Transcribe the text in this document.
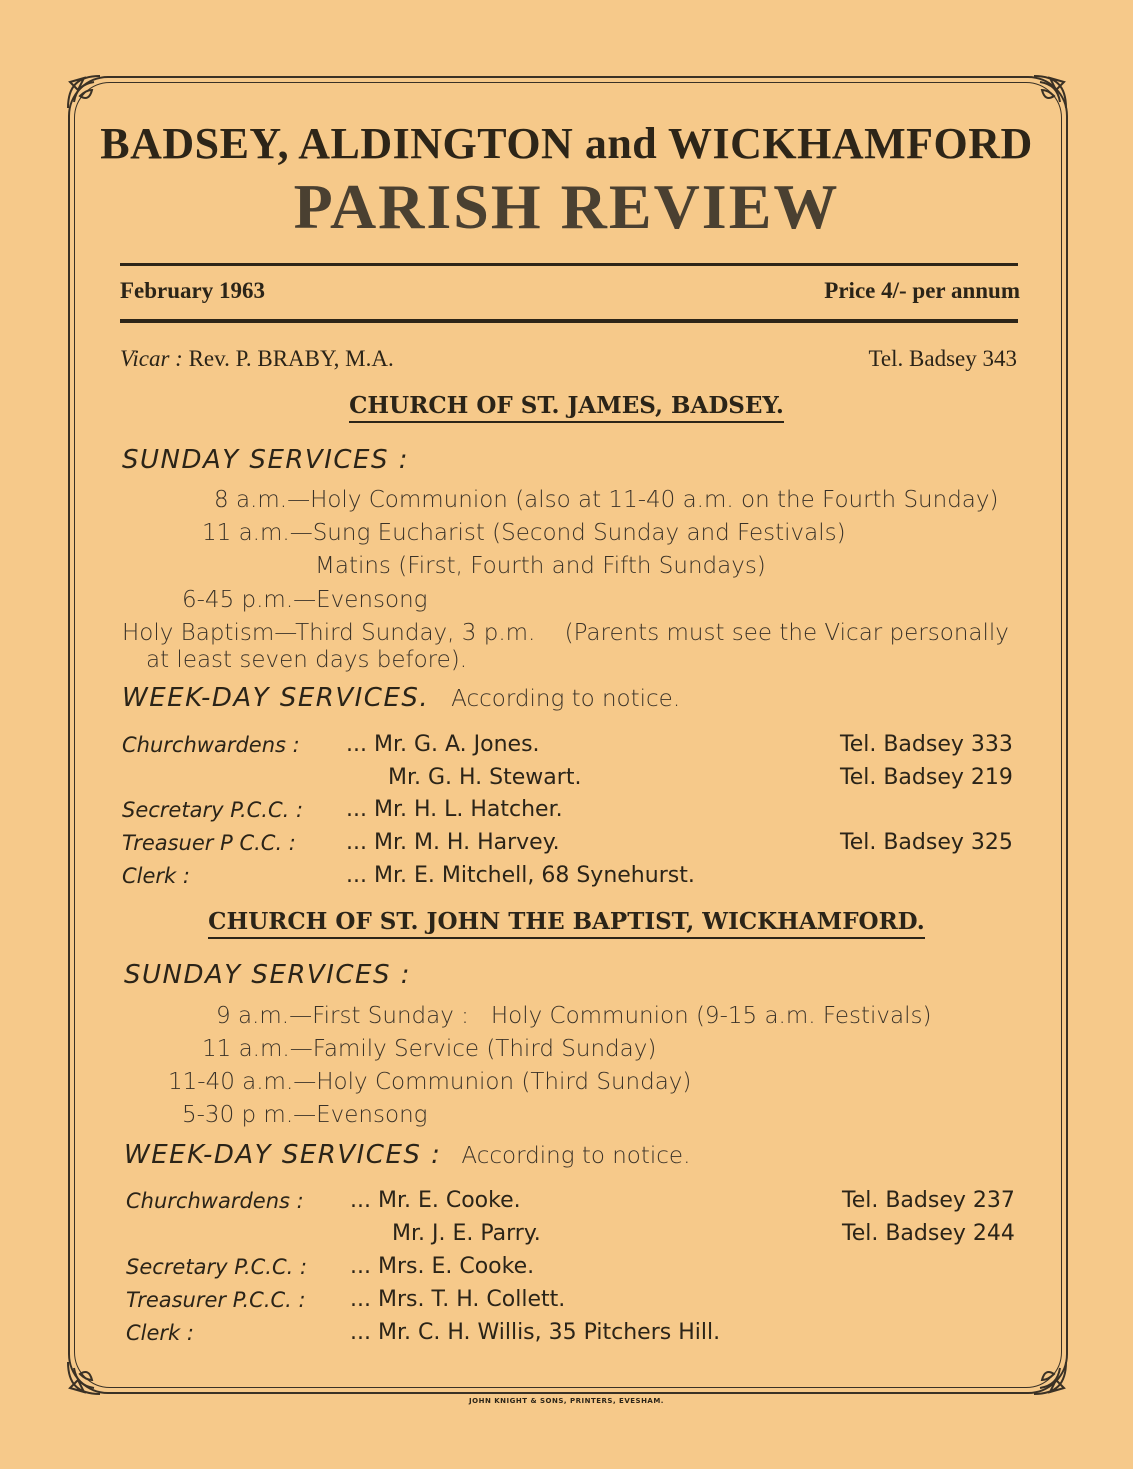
BADSEY, ALDINGTON and WICKHAMFORD
PARISH REVIEW
February 1963	Price 4/- per annum
Vicar : Rev. P. BRABY, M.A.	Tel. Badsey 343
CHURCH OF ST. JAMES, BADSEY.
SUNDAY SERVICES :
8 a.m.—Holy Communion (also at 11-40 a.m. on the Fourth Sunday)
11 a.m.—Sung Eucharist (Second Sunday and Festivals)
Matins (First, Fourth and Fifth Sundays)
6-45 p.m.—Evensong
Holy Baptism—Third Sunday, 3 p.m.    (Parents must see the Vicar personally
at least seven days before).
WEEK-DAY SERVICES. According to notice.
Churchwardens : ... Mr. G. A. Jones.	Tel. Badsey 333
Mr. G. H. Stewart.	Tel. Badsey 219
Secretary P.C.C. : ... Mr. H. L. Hatcher.
Treasuer P C.C. : ... Mr. M. H. Harvey.	Tel. Badsey 325
Clerk :	... Mr. E. Mitchell, 68 Synehurst.
CHURCH OF ST. JOHN THE BAPTIST, WICKHAMFORD.
SUNDAY SERVICES :
9 a.m.—First Sunday :   Holy Communion (9-15 a.m. Festivals)
11 a.m.—Family Service (Third Sunday)
11-40 a.m.—Holy Communion (Third Sunday)
5-30 p m.—Evensong
WEEK-DAY SERVICES : According to notice.
Churchwardens : ... Mr. E. Cooke.	Tel. Badsey 237
Mr. J. E. Parry.	Tel. Badsey 244
Secretary P.C.C. : ... Mrs. E. Cooke.
Treasurer P.C.C. : ... Mrs. T. H. Collett.
Clerk :	... Mr. C. H. Willis, 35 Pitchers Hill.
JOHN KNIGHT & SONS, PRINTERS, EVESHAM.
